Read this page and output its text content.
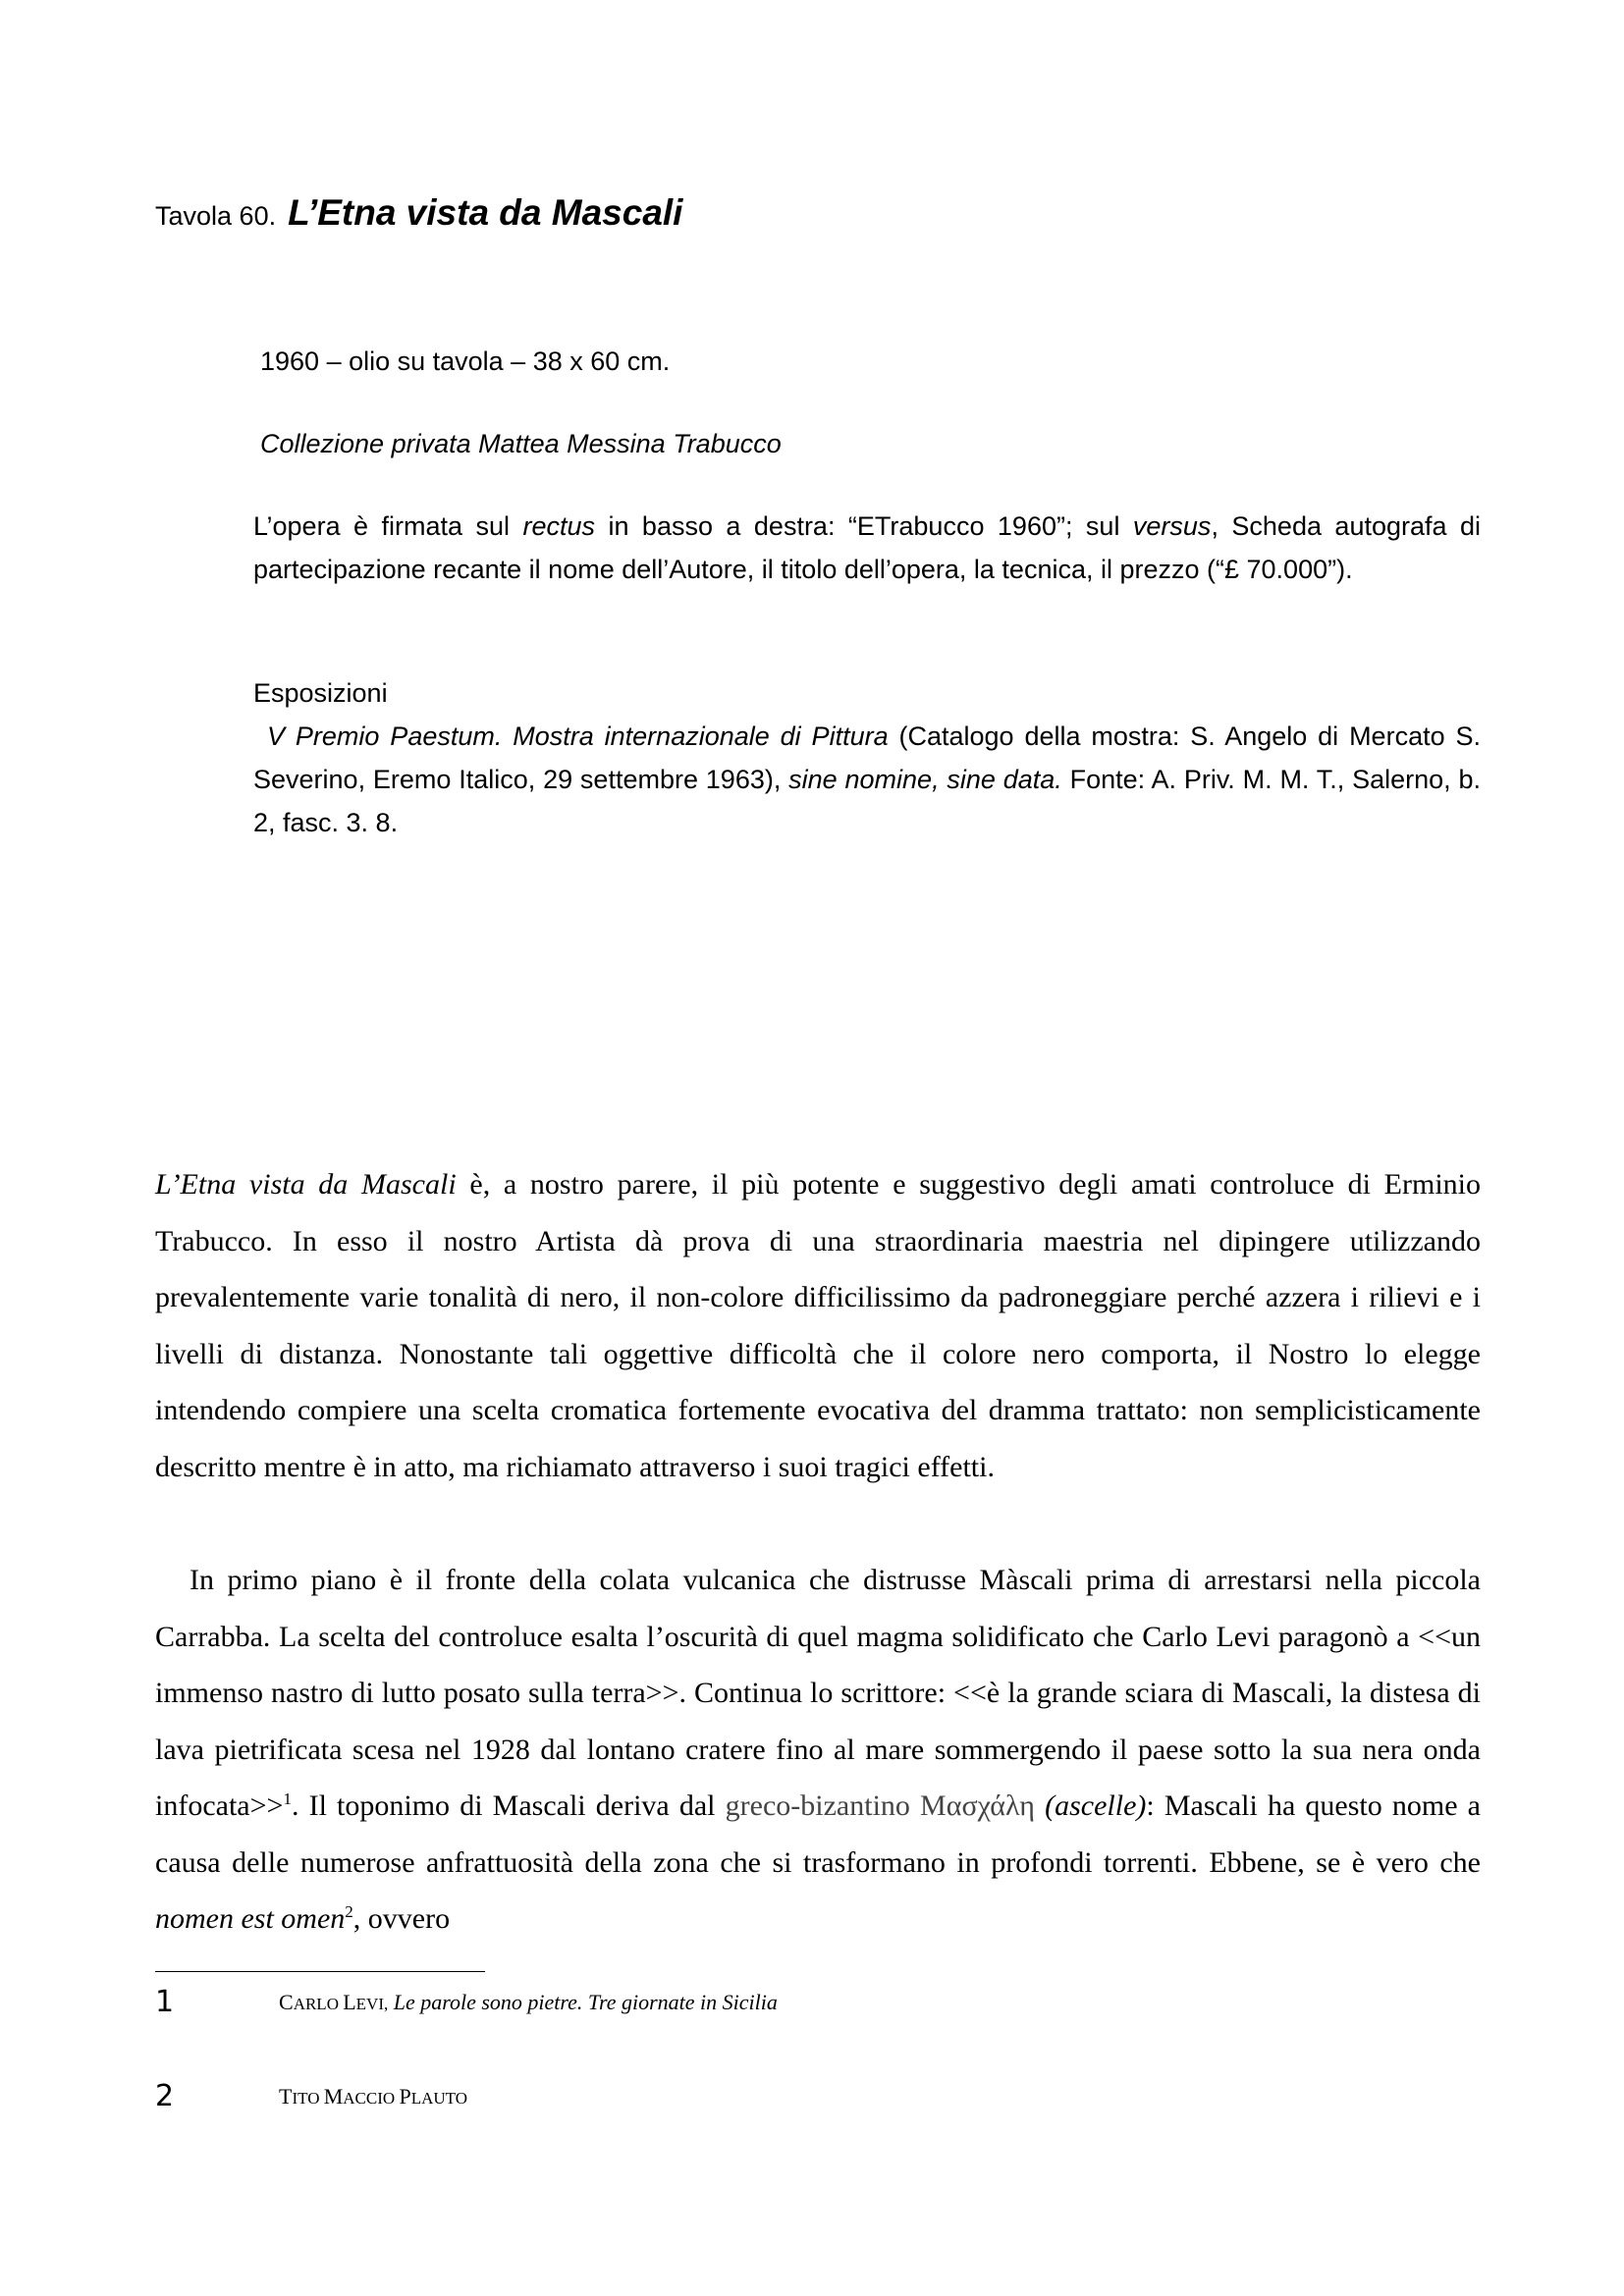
Tavola 60. L’Etna vista da Mascali
1960 – olio su tavola – 38 x 60 cm.
Collezione privata Mattea Messina Trabucco
L’opera è firmata sul rectus in basso a destra: “ETrabucco 1960”; sul versus, Scheda autografa di partecipazione recante il nome dell’Autore, il titolo dell’opera, la tecnica, il prezzo (“£ 70.000”).
Esposizioni
V Premio Paestum. Mostra internazionale di Pittura (Catalogo della mostra: S. Angelo di Mercato S. Severino, Eremo Italico, 29 settembre 1963), sine nomine, sine data. Fonte: A. Priv. M. M. T., Salerno, b. 2, fasc. 3. 8.
L’Etna vista da Mascali è, a nostro parere, il più potente e suggestivo degli amati controluce di Erminio Trabucco. In esso il nostro Artista dà prova di una straordinaria maestria nel dipingere utilizzando prevalentemente varie tonalità di nero, il non-colore difficilissimo da padroneggiare perché azzera i rilievi e i livelli di distanza. Nonostante tali oggettive difficoltà che il colore nero comporta, il Nostro lo elegge intendendo compiere una scelta cromatica fortemente evocativa del dramma trattato: non semplicisticamente descritto mentre è in atto, ma richiamato attraverso i suoi tragici effetti.
In primo piano è il fronte della colata vulcanica che distrusse Màscali prima di arrestarsi nella piccola Carrabba. La scelta del controluce esalta l’oscurità di quel magma solidificato che Carlo Levi paragonò a <<un immenso nastro di lutto posato sulla terra>>. Continua lo scrittore: <<è la grande sciara di Mascali, la distesa di lava pietrificata scesa nel 1928 dal lontano cratere fino al mare sommergendo il paese sotto la sua nera onda infocata>>$^1$. Il toponimo di Mascali deriva dal greco-bizantino Μασχάλη (ascelle): Mascali ha questo nome a causa delle numerose anfrattuosità della zona che si trasformano in profondi torrenti. Ebbene, se è vero che nomen est omen$^2$, ovvero
1	CARLO LEVI, Le parole sono pietre. Tre giornate in Sicilia
2	TITO MACCIO PLAUTO
